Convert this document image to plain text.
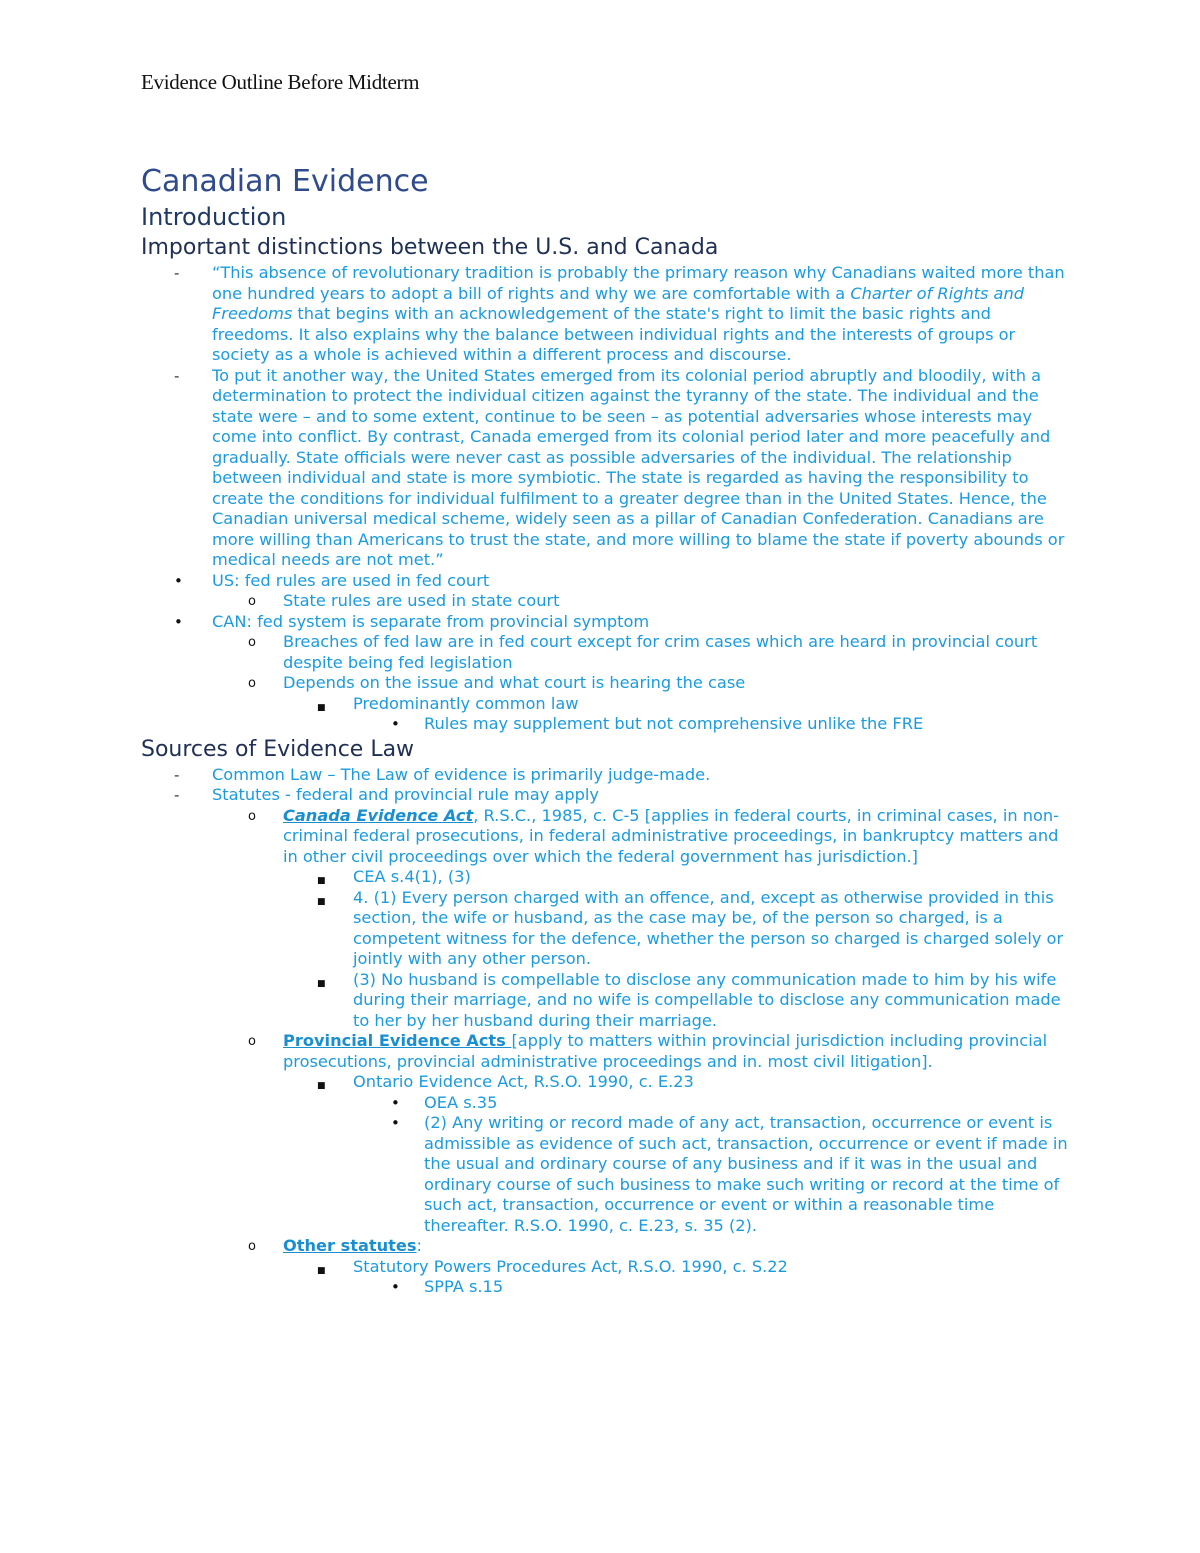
Evidence Outline Before Midterm
Canadian Evidence
Introduction
Important distinctions between the U.S. and Canada
- “This absence of revolutionary tradition is probably the primary reason why Canadians waited more than one hundred years to adopt a bill of rights and why we are comfortable with a Charter of Rights and Freedoms that begins with an acknowledgement of the state's right to limit the basic rights and freedoms. It also explains why the balance between individual rights and the interests of groups or society as a whole is achieved within a different process and discourse.
- To put it another way, the United States emerged from its colonial period abruptly and bloodily, with a determination to protect the individual citizen against the tyranny of the state. The individual and the state were – and to some extent, continue to be seen – as potential adversaries whose interests may come into conflict. By contrast, Canada emerged from its colonial period later and more peacefully and gradually. State officials were never cast as possible adversaries of the individual. The relationship between individual and state is more symbiotic. The state is regarded as having the responsibility to create the conditions for individual fulfilment to a greater degree than in the United States. Hence, the Canadian universal medical scheme, widely seen as a pillar of Canadian Confederation. Canadians are more willing than Americans to trust the state, and more willing to blame the state if poverty abounds or medical needs are not met.”
• US: fed rules are used in fed court
o State rules are used in state court
• CAN: fed system is separate from provincial symptom
o Breaches of fed law are in fed court except for crim cases which are heard in provincial court despite being fed legislation
o Depends on the issue and what court is hearing the case
■ Predominantly common law
• Rules may supplement but not comprehensive unlike the FRE
Sources of Evidence Law
- Common Law – The Law of evidence is primarily judge-made.
- Statutes - federal and provincial rule may apply
o Canada Evidence Act, R.S.C., 1985, c. C-5 [applies in federal courts, in criminal cases, in non-criminal federal prosecutions, in federal administrative proceedings, in bankruptcy matters and in other civil proceedings over which the federal government has jurisdiction.]
■ CEA s.4(1), (3)
■ 4. (1) Every person charged with an offence, and, except as otherwise provided in this section, the wife or husband, as the case may be, of the person so charged, is a competent witness for the defence, whether the person so charged is charged solely or jointly with any other person.
■ (3) No husband is compellable to disclose any communication made to him by his wife during their marriage, and no wife is compellable to disclose any communication made to her by her husband during their marriage.
o Provincial Evidence Acts [apply to matters within provincial jurisdiction including provincial prosecutions, provincial administrative proceedings and in. most civil litigation].
■ Ontario Evidence Act, R.S.O. 1990, c. E.23
• OEA s.35
• (2) Any writing or record made of any act, transaction, occurrence or event is admissible as evidence of such act, transaction, occurrence or event if made in the usual and ordinary course of any business and if it was in the usual and ordinary course of such business to make such writing or record at the time of such act, transaction, occurrence or event or within a reasonable time thereafter. R.S.O. 1990, c. E.23, s. 35 (2).
o Other statutes:
■ Statutory Powers Procedures Act, R.S.O. 1990, c. S.22
• SPPA s.15
